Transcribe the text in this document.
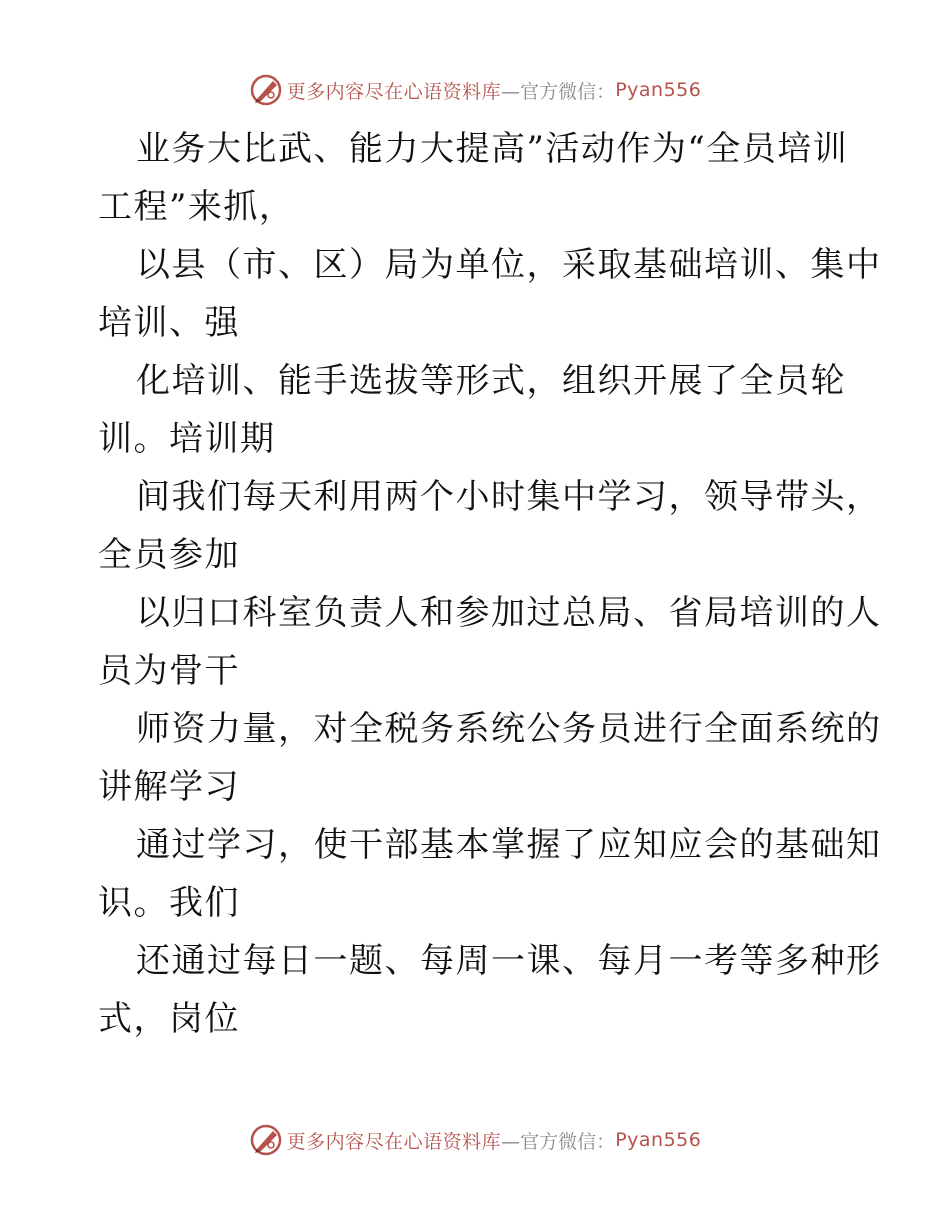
更多内容尽在心语资料库 —官方微信： Pyan556
业务大比武、能力大提高”活动作为“全员培训
工程”来抓，
以县（市、区）局为单位，采取基础培训、集中
培训、强
化培训、能手选拔等形式，组织开展了全员轮
训。培训期
间我们每天利用两个小时集中学习，领导带头，
全员参加
以归口科室负责人和参加过总局、省局培训的人
员为骨干
师资力量，对全税务系统公务员进行全面系统的
讲解学习
通过学习，使干部基本掌握了应知应会的基础知
识。我们
还通过每日一题、每周一课、每月一考等多种形
式，岗位
更多内容尽在心语资料库 —官方微信： Pyan556
